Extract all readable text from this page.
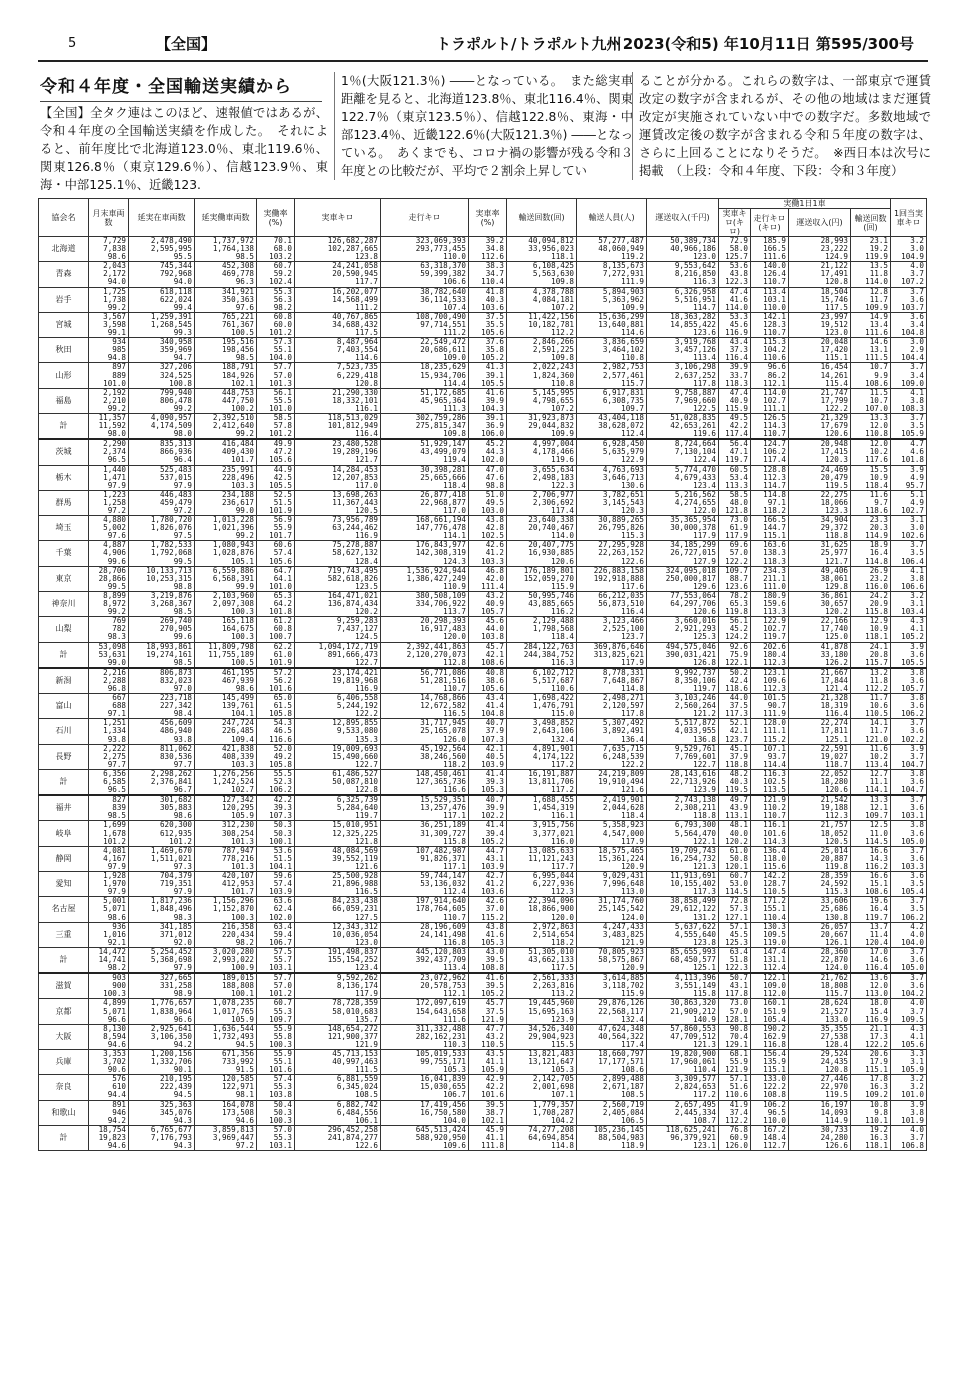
5	【全国】	トラポルト/トラポルト九州 2023(令和5) 年10月11日 第595/300号
令和４年度・全国輸送実績から

【全国】全タク連はこのほど、速報値ではあるが、令和４年度の全国輸送実績を作成した。　それによると、前年度比で北海道123.0％、東北119.6％、関東126.8％（東京129.6％）、信越123.9％、東海・中部125.1％、近畿123.

1％(大阪121.3％) ――となっている。　また総実車距離を見ると、北海道123.8％、東北116.4％、関東122.7％（東京123.5％）、信越122.8％、東海・中部123.4％、近畿122.6％(大阪121.3％) ――となっている。　あくまでも、コロナ禍の影響が残る令和３年度との比較だが、平均で２割余上昇してい

ることが分かる。これらの数字は、一部東京で運賃改定の数字が含まれるが、その他の地域はまだ運賃改定が実施されていない中での数字だ。多数地域で運賃改定後の数字が含まれる令和５年度の数字は、さらに上回ることになりそうだ。　※西日本は次号に掲載　（上段：令和４年度、下段：令和３年度）

協会名	月末車両数	延実在車両数	延実働車両数	実働率(%)	実車キロ	走行キロ	実車率(%)	輸送回数(回)	輸送人員(人)	運送収入(千円)	実働1日1車				1回当実車キロ
											実車キロ(キロ)	走行キロ(キロ)	運送収入(円)	輸送回数(回)	
北海道	7,729	2,478,490	1,737,972	70.1	126,682,287	323,069,393	39.2	40,094,812	57,277,487	50,389,734	72.9	185.9	28,993	23.1	3.2
	7,838	2,595,995	1,764,138	68.0	102,287,665	293,773,455	34.8	33,956,023	48,060,949	40,966,186	58.0	166.5	23,222	19.2	3.0
	98.6	95.5	98.5	103.2	123.8	110.0	112.6	118.1	119.2	123.0	125.7	111.6	124.9	119.9	104.9
青森	2,043	745,344	452,308	60.7	24,241,058	63,318,370	38.3	6,108,425	8,135,673	9,553,642	53.6	140.0	21,122	13.5	4.0
	2,172	792,968	469,778	59.2	20,590,945	59,399,382	34.7	5,563,630	7,272,931	8,216,850	43.8	126.4	17,491	11.8	3.7
	94.0	94.0	96.3	102.4	117.7	106.6	110.4	109.8	111.9	116.3	122.3	110.7	120.8	114.0	107.2
岩手	1,725	618,118	341,921	55.3	16,202,077	38,782,640	41.8	4,378,788	5,894,903	6,326,958	47.4	113.4	18,504	12.8	3.7
	1,738	622,024	350,363	56.3	14,568,499	36,114,533	40.3	4,084,181	5,363,962	5,516,951	41.6	103.1	15,746	11.7	3.6
	99.2	99.4	97.6	98.2	111.2	107.4	103.6	107.2	109.9	114.7	114.0	110.0	117.5	109.9	103.7
宮城	3,567	1,259,391	765,221	60.8	40,767,865	108,700,490	37.5	11,422,156	15,636,299	18,363,282	53.3	142.1	23,997	14.9	3.6
	3,598	1,268,545	761,367	60.0	34,688,432	97,714,551	35.5	10,182,781	13,640,881	14,855,422	45.6	128.3	19,512	13.4	3.4
	99.1	99.3	100.5	101.2	117.5	111.2	105.6	112.2	114.6	123.6	116.9	110.7	123.0	111.6	104.8
秋田	934	340,958	195,516	57.3	8,487,964	22,549,472	37.6	2,846,266	3,836,659	3,919,768	43.4	115.3	20,048	14.6	3.0
	985	359,969	198,456	55.1	7,403,554	20,686,611	35.8	2,591,225	3,464,102	3,457,126	37.3	104.2	17,420	13.1	2.9
	94.8	94.7	98.5	104.0	114.6	109.0	105.2	109.8	110.8	113.4	116.4	110.6	115.1	111.5	104.4
山形	897	327,206	188,791	57.7	7,523,735	18,235,629	41.3	2,022,243	2,982,753	3,106,298	39.9	96.6	16,454	10.7	3.7
	889	324,525	184,926	57.0	6,229,418	15,934,706	39.1	1,824,360	2,577,461	2,637,252	33.7	86.2	14,261	9.9	3.4
	101.0	100.8	102.1	101.3	120.8	114.4	105.5	110.8	115.7	117.8	118.3	112.1	115.4	108.6	109.0
福島	2,192	799,940	448,753	56.1	21,290,330	51,172,685	41.6	5,145,995	6,917,831	9,758,887	47.4	114.0	21,747	11.5	4.1
	2,210	806,478	447,750	55.5	18,332,101	45,965,364	39.9	4,798,655	6,308,735	7,969,660	40.9	102.7	17,799	10.7	3.8
	99.2	99.2	100.2	101.0	116.1	111.3	104.3	107.2	109.7	122.5	115.9	111.1	122.2	107.0	108.3
計	11,357	4,090,957	2,392,510	58.5	118,513,029	302,759,286	39.1	31,923,873	43,404,118	51,028,835	49.5	126.5	21,329	13.3	3.7
	11,592	4,174,509	2,412,640	57.8	101,812,949	275,815,347	36.9	29,044,832	38,628,072	42,653,261	42.2	114.3	17,679	12.0	3.5
	98.0	98.0	99.2	101.2	116.4	109.8	106.0	109.9	112.4	119.6	117.4	110.7	120.6	110.8	105.9
茨城	2,290	835,313	416,484	49.9	23,480,528	51,929,147	45.2	4,997,004	6,928,450	8,724,664	56.4	124.7	20,948	12.0	4.7
	2,374	866,936	409,430	47.2	19,289,196	43,499,079	44.3	4,178,466	5,635,979	7,130,104	47.1	106.2	17,415	10.2	4.6
	96.5	96.4	101.7	105.6	121.7	119.4	102.0	119.6	122.9	122.4	119.7	117.4	120.3	117.6	101.8
栃木	1,440	525,483	235,991	44.9	14,284,453	30,398,281	47.0	3,655,634	4,763,693	5,774,470	60.5	128.8	24,469	15.5	3.9
	1,471	537,015	228,496	42.5	12,207,853	25,665,666	47.6	2,498,183	3,646,713	4,679,433	53.4	112.3	20,479	10.9	4.9
	97.9	97.9	103.3	105.5	117.0	118.4	98.8	122.3	130.6	123.4	113.3	114.7	119.5	118.4	95.7
群馬	1,223	446,483	234,188	52.5	13,698,263	26,877,418	51.0	2,706,977	3,782,651	5,216,562	58.5	114.8	22,275	11.6	5.1
	1,258	459,479	236,617	51.5	11,367,443	22,968,877	49.5	2,306,692	3,145,543	4,274,655	48.0	97.1	18,066	9.7	4.9
	97.2	97.2	99.0	101.9	120.5	117.0	103.0	117.4	120.3	122.0	121.8	118.2	123.3	118.6	102.7
埼玉	4,880	1,780,720	1,013,228	56.9	73,956,789	168,661,194	43.8	23,640,338	30,889,265	35,365,954	73.0	166.5	34,904	23.3	3.1
	5,002	1,826,076	1,021,396	55.9	63,244,462	147,776,478	42.8	20,740,467	26,795,826	30,000,378	61.9	144.7	29,372	20.3	3.0
	97.6	97.5	99.2	101.7	116.9	114.1	102.5	114.0	115.3	117.9	117.9	115.1	118.8	114.9	102.6
千葉	4,887	1,782,533	1,080,943	60.6	75,278,887	176,843,977	42.6	20,407,775	27,295,928	34,185,299	69.6	163.6	31,625	18.9	3.7
	4,906	1,792,068	1,028,876	57.4	58,627,132	142,308,319	41.2	16,930,885	22,263,152	26,727,015	57.0	138.3	25,977	16.4	3.5
	99.6	99.5	105.1	105.6	128.4	124.3	103.3	120.6	122.6	127.9	122.2	118.3	121.7	114.8	106.4
東京	28,706	10,133,713	6,559,886	64.7	719,743,495	1,536,924,944	46.8	176,189,801	226,883,158	324,095,018	109.7	234.3	49,406	26.9	4.1
	28,866	10,253,315	6,568,391	64.1	582,618,826	1,386,427,249	42.0	152,059,270	192,918,888	250,000,817	88.7	211.1	38,061	23.2	3.8
	99.5	98.8	99.9	101.0	123.5	110.9	111.4	115.9	117.6	129.6	123.6	111.0	129.8	116.0	106.6
神奈川	8,899	3,219,876	2,103,960	65.3	164,471,021	380,508,109	43.2	50,995,746	66,212,035	77,553,064	78.2	180.9	36,861	24.2	3.2
	8,972	3,268,367	2,097,308	64.2	136,874,434	334,706,922	40.9	43,885,665	56,873,510	64,297,706	65.3	159.6	30,657	20.9	3.1
	99.2	98.5	100.3	101.8	120.2	113.7	105.7	116.2	116.4	120.6	119.8	113.3	120.2	115.8	103.4
山梨	769	269,740	165,118	61.2	9,259,283	20,298,393	45.6	2,129,488	3,123,466	3,660,016	56.1	122.9	22,166	12.9	4.3
	782	270,905	164,675	60.8	7,437,127	16,917,483	44.0	1,798,568	2,525,100	2,921,293	45.2	102.7	17,740	10.9	4.1
	98.3	99.6	100.3	100.7	124.5	120.0	103.8	118.4	123.7	125.3	124.2	119.7	125.0	118.1	105.2
計	53,098	18,993,861	11,809,798	62.2	1,094,172,719	2,392,441,863	45.7	284,122,763	369,876,646	494,575,046	92.6	202.6	41,878	24.1	3.9
	53,631	19,274,161	11,755,189	61.0	891,666,473	2,120,270,073	42.1	244,384,752	313,825,621	390,031,421	75.9	180.4	33,180	20.8	3.6
	99.0	98.5	100.5	101.9	122.7	112.8	108.6	116.3	117.9	126.8	122.1	112.3	126.2	115.7	105.5
新潟	2,216	806,873	461,195	57.2	23,174,421	56,771,086	40.8	6,102,712	8,778,331	9,992,737	50.2	123.1	21,667	13.2	3.8
	2,288	832,023	467,939	56.2	19,819,968	51,281,516	38.6	5,517,687	7,648,867	8,350,106	42.4	109.6	17,844	11.8	3.6
	96.8	97.0	98.6	101.6	116.9	110.7	105.6	110.6	114.8	119.7	118.6	112.3	121.4	112.2	105.7
富山	667	223,718	145,499	65.0	6,406,558	14,768,866	43.4	1,698,422	2,498,271	3,103,246	44.0	101.5	21,328	11.7	3.8
	688	227,342	139,761	61.5	5,244,192	12,672,582	41.4	1,476,791	2,120,597	2,560,264	37.5	90.7	18,319	10.6	3.6
	97.1	98.4	104.1	105.8	122.2	116.5	104.8	115.0	117.8	121.2	117.3	111.9	116.4	110.5	106.2
石川	1,251	456,609	247,724	54.3	12,895,855	31,717,945	40.7	3,498,852	5,307,492	5,517,872	52.1	128.0	22,274	14.1	3.7
	1,334	486,940	226,485	46.5	9,533,080	25,165,078	37.9	2,643,106	3,892,491	4,033,955	42.1	111.1	17,811	11.7	3.6
	93.8	93.8	109.4	116.6	135.3	126.0	107.3	132.4	136.4	136.8	123.7	115.2	125.1	121.0	102.2
長野	2,222	811,062	421,838	52.0	19,009,693	45,192,564	42.1	4,891,901	7,635,715	9,529,761	45.1	107.1	22,591	11.6	3.9
	2,275	830,536	408,339	49.2	15,490,660	38,246,560	40.5	4,174,122	6,248,539	7,769,601	37.9	93.7	19,027	10.2	3.7
	97.7	97.7	103.3	105.8	122.7	118.2	103.9	117.2	122.2	122.7	118.8	114.4	118.7	113.4	104.7
計	6,356	2,298,262	1,276,256	55.5	61,486,527	148,450,461	41.4	16,191,887	24,219,809	28,143,616	48.2	116.3	22,052	12.7	3.8
	6,585	2,376,841	1,242,524	52.3	50,087,810	127,365,736	39.3	13,811,706	19,910,494	22,713,926	40.3	102.5	18,280	11.1	3.6
	96.5	96.7	102.7	106.2	122.8	116.6	105.3	117.2	121.6	123.9	119.5	113.5	120.6	114.1	104.7
福井	827	301,682	127,342	42.2	6,325,739	15,529,351	40.7	1,688,455	2,419,901	2,743,138	49.7	121.9	21,542	13.3	3.7
	839	305,883	120,295	39.3	5,284,640	13,257,476	39.9	1,454,319	2,044,628	2,308,211	43.9	110.2	19,188	12.1	3.6
	98.5	98.6	105.9	107.3	119.7	117.1	102.2	116.1	118.4	118.8	113.1	110.7	112.3	109.7	103.1
岐阜	1,699	620,300	312,230	50.3	15,010,951	36,251,189	41.4	3,915,756	5,358,923	6,793,300	48.1	116.1	21,757	12.5	3.8
	1,678	612,935	308,254	50.3	12,325,225	31,309,727	39.4	3,377,021	4,547,000	5,564,470	40.0	101.6	18,052	11.0	3.6
	101.2	101.2	101.3	100.1	121.8	115.8	105.2	116.0	117.9	122.1	120.2	114.3	120.5	114.5	105.0
静岡	4,081	1,469,670	787,947	53.6	48,084,569	107,482,987	44.7	13,085,633	18,575,465	19,709,743	61.0	136.4	25,014	16.6	3.7
	4,167	1,511,021	778,216	51.5	39,552,119	91,826,371	43.1	11,121,243	15,361,224	16,254,732	50.8	118.0	20,887	14.3	3.6
	97.9	97.3	101.3	104.1	121.6	117.1	103.9	117.7	120.9	121.3	120.1	115.6	119.8	116.2	103.3
愛知	1,928	704,379	420,107	59.6	25,500,928	59,744,147	42.7	6,995,044	9,029,431	11,913,691	60.7	142.2	28,359	16.6	3.6
	1,970	719,351	412,953	57.4	21,896,988	53,136,032	41.2	6,227,936	7,996,648	10,155,402	53.0	128.7	24,592	15.1	3.5
	97.9	97.9	101.7	103.9	116.5	112.4	103.6	112.3	113.0	117.3	114.5	110.5	115.3	108.6	105.4
名古屋	5,001	1,817,236	1,156,296	63.6	84,233,438	197,914,640	42.6	22,394,096	31,174,760	38,858,499	72.8	171.2	33,606	19.6	3.7
	5,071	1,848,496	1,152,870	62.4	66,059,231	178,764,605	37.0	18,866,900	25,145,542	29,612,122	57.3	155.1	25,686	16.4	3.5
	98.6	98.3	100.3	102.0	127.5	110.7	115.2	120.0	124.0	131.2	127.1	110.4	130.8	119.7	106.2
三重	936	341,185	216,358	63.4	12,343,312	28,196,609	43.8	2,972,863	4,247,433	5,637,622	57.1	130.3	26,057	13.7	4.2
	1,016	371,012	220,434	59.4	10,036,054	24,141,498	41.6	2,514,654	3,483,825	4,555,640	45.5	109.5	20,667	11.4	4.0
	92.1	92.0	98.2	106.7	123.0	116.8	105.3	118.2	121.9	123.8	125.3	119.0	126.1	120.4	104.0
計	14,472	5,254,452	3,020,280	57.5	191,498,837	445,120,803	43.0	51,305,010	70,805,923	85,655,993	63.4	147.4	28,360	17.0	3.7
	14,741	5,368,698	2,993,022	55.7	155,154,252	392,437,709	39.5	43,662,133	58,575,867	68,450,577	51.8	131.1	22,870	14.6	3.6
	98.2	97.9	100.9	103.1	123.4	113.4	108.8	117.5	120.9	125.1	122.3	112.4	124.0	116.4	105.0
滋賀	903	327,665	189,015	57.7	9,592,262	23,072,962	41.6	2,561,333	3,614,885	4,113,396	50.7	122.1	21,762	13.6	3.7
	900	331,258	188,808	57.0	8,136,174	20,578,753	39.5	2,263,816	3,118,702	3,551,149	43.1	109.0	18,808	12.0	3.6
	100.3	98.9	100.1	101.2	117.9	112.1	105.2	113.2	115.9	115.8	117.8	112.0	115.7	113.0	104.2
京都	4,899	1,776,657	1,078,235	60.7	78,728,359	172,097,619	45.7	19,445,960	29,876,126	30,863,320	73.0	160.1	28,624	18.0	4.0
	5,071	1,838,964	1,017,765	55.3	58,010,683	154,643,658	37.5	15,695,163	22,568,117	21,909,212	57.0	151.9	21,527	15.4	3.7
	96.6	96.6	105.9	109.7	135.7	111.6	121.9	123.9	132.4	140.9	128.1	105.4	133.0	116.9	109.5
大阪	8,130	2,925,641	1,636,544	55.9	148,654,272	311,332,488	47.7	34,526,340	47,624,348	57,860,553	90.8	190.2	35,355	21.1	4.3
	8,594	3,106,350	1,732,493	55.8	121,900,377	282,162,231	43.2	29,904,923	40,564,322	47,709,512	70.4	162.9	27,538	17.3	4.1
	94.6	94.2	94.5	100.3	121.9	110.3	110.5	115.5	117.4	121.3	129.1	116.8	128.4	122.2	105.6
兵庫	3,353	1,200,156	671,356	55.9	45,713,153	105,019,533	43.5	13,821,483	18,660,797	19,820,900	68.1	156.4	29,524	20.6	3.3
	3,702	1,332,706	733,992	55.1	40,997,463	99,755,171	41.1	13,121,647	17,177,571	17,960,061	55.9	135.9	24,435	17.9	3.1
	90.6	90.1	91.5	101.6	111.5	105.3	105.9	105.3	108.6	110.4	121.9	115.1	120.8	115.1	105.9
奈良	576	210,195	120,585	57.4	6,881,559	16,041,839	42.9	2,142,705	2,899,488	3,309,577	57.1	133.0	27,446	17.8	3.2
	610	222,439	122,971	55.3	6,345,024	15,030,655	42.2	2,001,698	2,671,187	2,824,653	51.6	122.2	22,970	16.3	3.2
	94.4	94.5	98.1	103.8	108.5	106.7	101.6	107.1	108.5	117.2	110.6	108.8	119.5	109.2	101.0
和歌山	891	325,363	164,078	50.4	6,882,742	17,419,456	39.5	1,779,357	2,560,719	2,657,495	41.9	106.2	16,197	10.8	3.9
	946	345,076	173,508	50.3	6,484,556	16,750,580	38.7	1,708,287	2,405,084	2,445,334	37.4	96.5	14,093	9.8	3.8
	94.2	94.3	94.6	100.3	106.1	104.0	102.1	104.2	106.5	108.7	112.2	110.0	114.9	110.1	101.9
計	18,754	6,765,677	3,859,813	57.0	296,452,258	645,513,424	45.9	74,277,208	105,236,145	118,625,241	76.8	167.2	30,733	19.2	4.0
	19,823	7,176,793	3,969,447	55.3	241,874,277	588,920,950	41.1	64,694,854	88,504,983	96,379,921	60.9	148.4	24,280	16.3	3.7
	94.6	94.3	97.2	103.1	122.6	109.6	111.8	114.8	118.9	123.1	126.0	112.7	126.6	118.1	106.8
